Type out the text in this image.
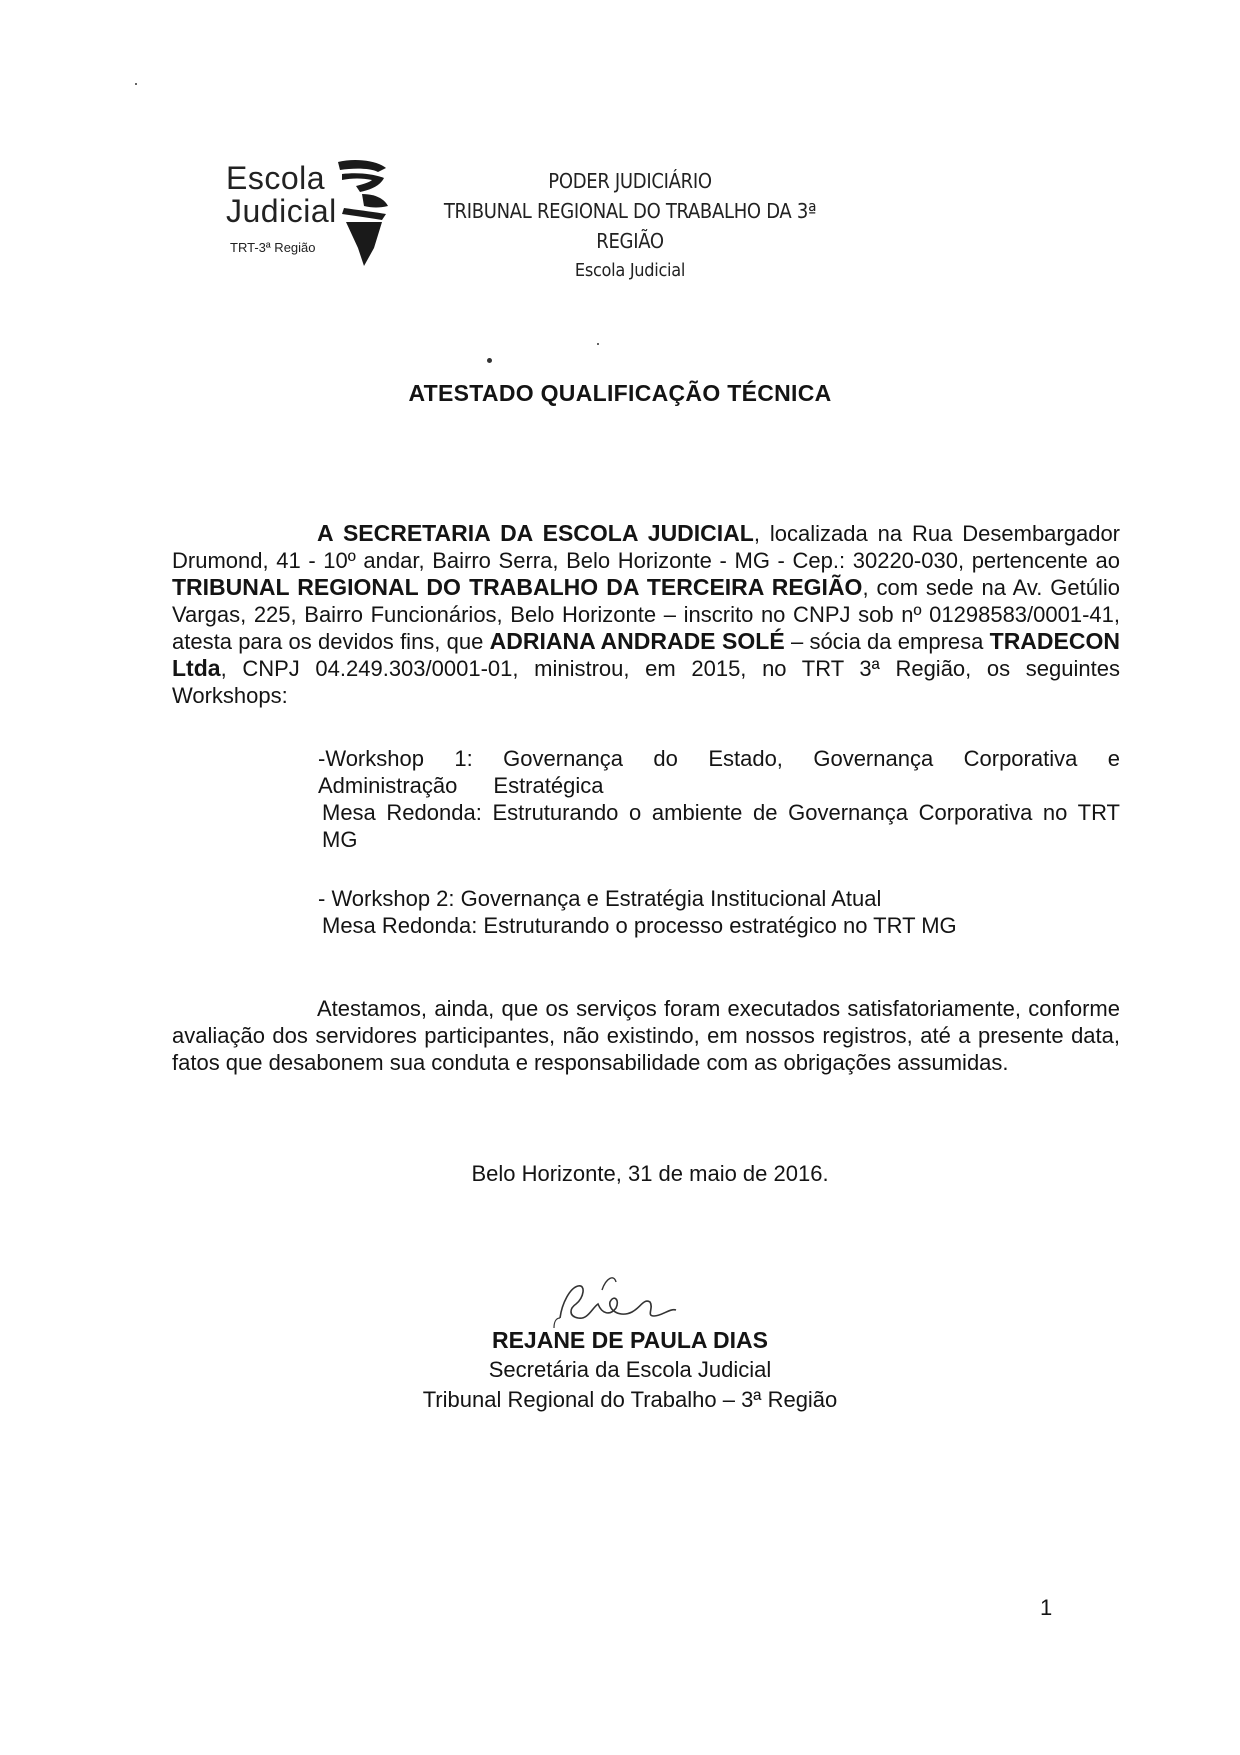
Escola
Judicial
TRT-3ª Região
PODER JUDICIÁRIO
TRIBUNAL REGIONAL DO TRABALHO DA 3ª REGIÃO
Escola Judicial
ATESTADO QUALIFICAÇÃO TÉCNICA
A SECRETARIA DA ESCOLA JUDICIAL, localizada na Rua Desembargador Drumond, 41 - 10º andar, Bairro Serra, Belo Horizonte - MG - Cep.: 30220-030, pertencente ao TRIBUNAL REGIONAL DO TRABALHO DA TERCEIRA REGIÃO, com sede na Av. Getúlio Vargas, 225, Bairro Funcionários, Belo Horizonte – inscrito no CNPJ sob nº 01298583/0001-41, atesta para os devidos fins, que ADRIANA ANDRADE SOLÉ – sócia da empresa TRADECON Ltda, CNPJ 04.249.303/0001-01, ministrou, em 2015, no TRT 3ª Região, os seguintes Workshops:
-Workshop 1: Governança do Estado, Governança Corporativa e
Administração Estratégica
Mesa Redonda: Estruturando o ambiente de Governança Corporativa no TRT MG
- Workshop 2: Governança e Estratégia Institucional Atual
Mesa Redonda: Estruturando o processo estratégico no TRT MG
Atestamos, ainda, que os serviços foram executados satisfatoriamente, conforme avaliação dos servidores participantes, não existindo, em nossos registros, até a presente data, fatos que desabonem sua conduta e responsabilidade com as obrigações assumidas.
Belo Horizonte, 31 de maio de 2016.
REJANE DE PAULA DIAS
Secretária da Escola Judicial
Tribunal Regional do Trabalho – 3ª Região
1
